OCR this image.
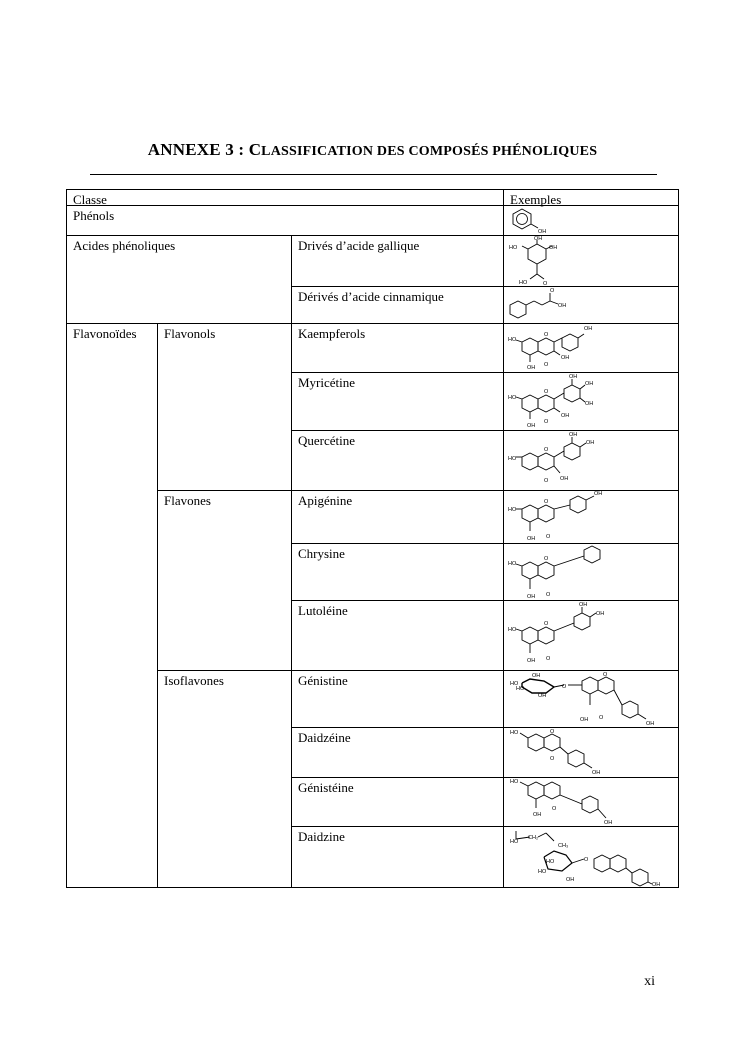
ANNEXE 3 : CLASSIFICATION DES COMPOSÉS PHÉNOLIQUES
Classe	Exemples
Phénols
Acides phénoliques	Drivés d’acide gallique
Dérivés d’acide cinnamique
Flavonoïdes	Flavonols	Kaempferols
Myricétine
Quercétine
Flavones	Apigénine
Chrysine
Lutoléine
Isoflavones	Génistine
Daidzéine
Génistéine
Daidzine
OH
OH
HO	OH
HO	O
O
OH
OH
HO
OH
O
OH O
OH
OH
OH
HO
OH
O
OH
O
OH
OH
HO
OH
O
O
OH
HO
O
OH O
HO
O
OH O
OH
OH
HO
O
OH O
HO
HO
OH
OH
O
O
OH
OH O
HO	O
O
OH
HO
OH
O
OH
HO
CH₂
CH₃
HO
HO
OH
O
OH
xi
